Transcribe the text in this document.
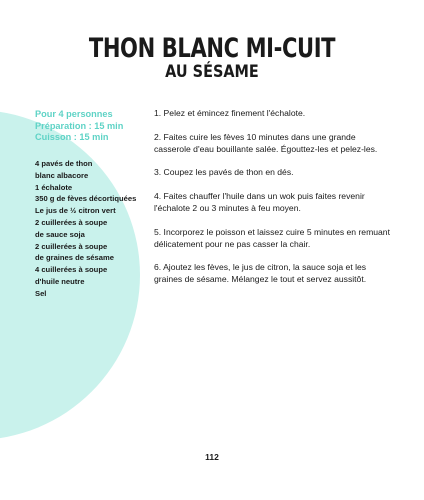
THON BLANC MI-CUIT
AU SÉSAME
Pour 4 personnes
Préparation : 15 min
Cuisson : 15 min
4 pavés de thon
blanc albacore
1 échalote
350 g de fèves décortiquées
Le jus de ½ citron vert
2 cuillerées à soupe
de sauce soja
2 cuillerées à soupe
de graines de sésame
4 cuillerées à soupe
d'huile neutre
Sel

1. Pelez et émincez finement l'échalote.

2. Faites cuire les fèves 10 minutes dans une grande casserole d'eau bouillante salée. Égouttez-les et pelez-les.

3. Coupez les pavés de thon en dés.

4. Faites chauffer l'huile dans un wok puis faites revenir l'échalote 2 ou 3 minutes à feu moyen.

5. Incorporez le poisson et laissez cuire 5 minutes en remuant délicatement pour ne pas casser la chair.

6. Ajoutez les fèves, le jus de citron, la sauce soja et les graines de sésame. Mélangez le tout et servez aussitôt.

112
